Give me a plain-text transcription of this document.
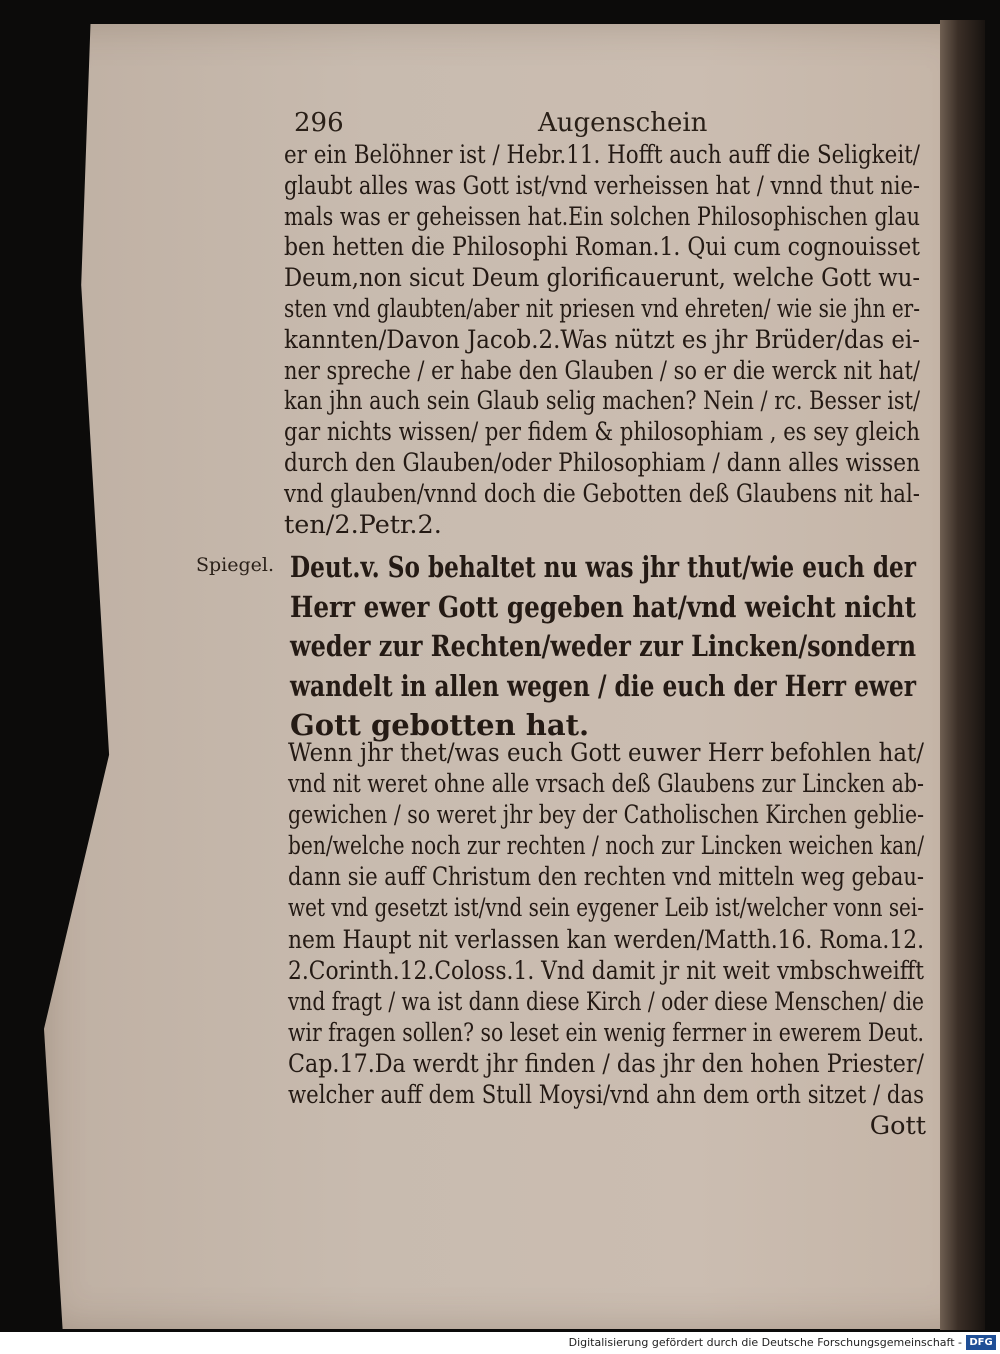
296	Augenschein
er ein Belöhner ist / Hebr.11. Hofft auch auff die Seligkeit/
glaubt alles was Gott ist/vnd verheissen hat / vnnd thut nie-
mals was er geheissen hat.Ein solchen Philosophischen glau
ben hetten die Philosophi Roman.1. Qui cum cognouisset
Deum,non sicut Deum glorificauerunt, welche Gott wu-
sten vnd glaubten/aber nit priesen vnd ehreten/ wie sie jhn er-
kannten/Davon Jacob.2.Was nützt es jhr Brüder/das ei-
ner spreche / er habe den Glauben / so er die werck nit hat/
kan jhn auch sein Glaub selig machen? Nein / rc. Besser ist/
gar nichts wissen/ per fidem & philosophiam , es sey gleich
durch den Glauben/oder Philosophiam / dann alles wissen
vnd glauben/vnnd doch die Gebotten deß Glaubens nit hal-
ten/2.Petr.2.
Spiegel. Deut.v. So behaltet nu was jhr thut/wie euch der
Herr ewer Gott gegeben hat/vnd weicht nicht
weder zur Rechten/weder zur Lincken/sondern
wandelt in allen wegen / die euch der Herr ewer
Gott gebotten hat.
Wenn jhr thet/was euch Gott euwer Herr befohlen hat/
vnd nit weret ohne alle vrsach deß Glaubens zur Lincken ab-
gewichen / so weret jhr bey der Catholischen Kirchen geblie-
ben/welche noch zur rechten / noch zur Lincken weichen kan/
dann sie auff Christum den rechten vnd mitteln weg gebau-
wet vnd gesetzt ist/vnd sein eygener Leib ist/welcher vonn sei-
nem Haupt nit verlassen kan werden/Matth.16. Roma.12.
2.Corinth.12.Coloss.1. Vnd damit jr nit weit vmbschweifft
vnd fragt / wa ist dann diese Kirch / oder diese Menschen/ die
wir fragen sollen? so leset ein wenig ferrner in ewerem Deut.
Cap.17.Da werdt jhr finden / das jhr den hohen Priester/
welcher auff dem Stull Moysi/vnd ahn dem orth sitzet / das
Gott
Digitalisierung gefördert durch die Deutsche Forschungsgemeinschaft - DFG
